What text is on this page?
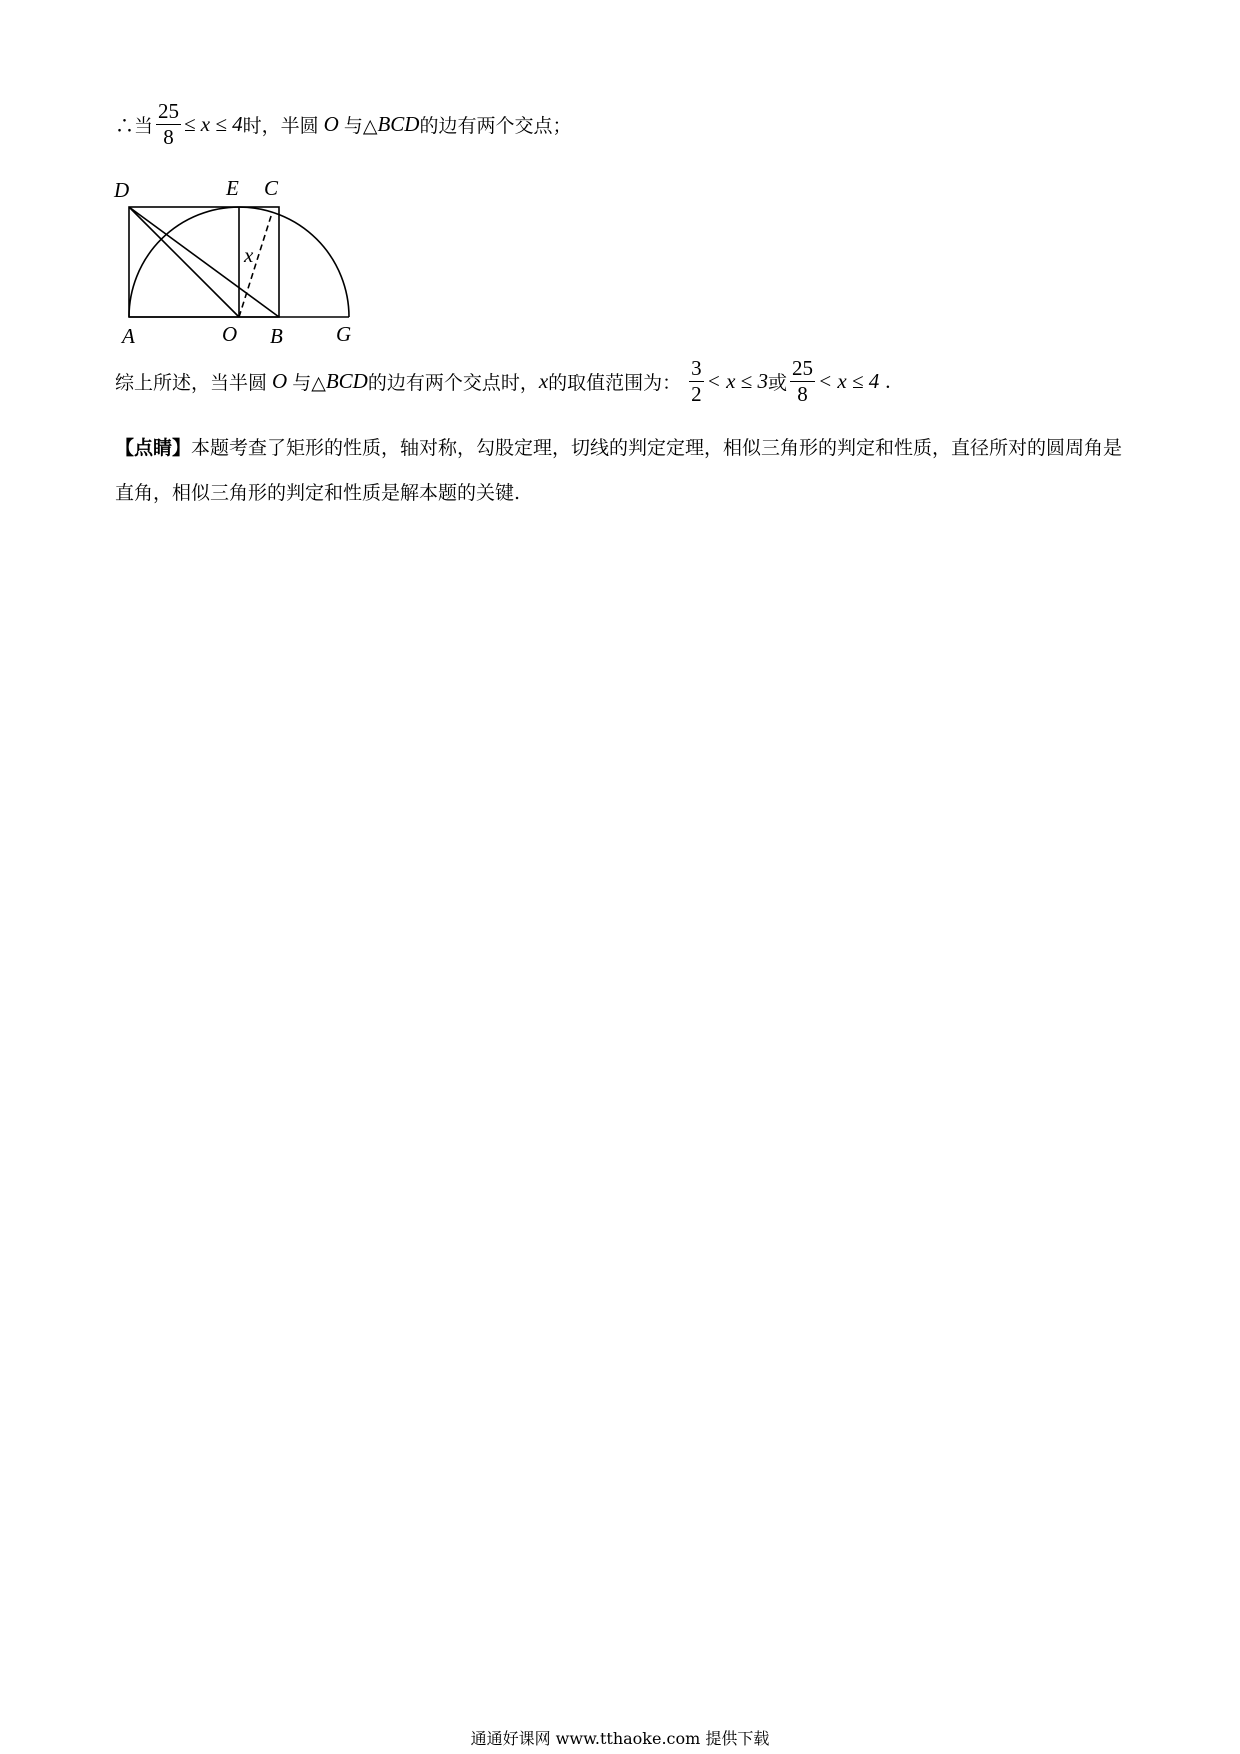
∴当 $\frac{25}{8} \le x \le 4$ 时，半圆 O 与△ BCD 的边有两个交点；
D	E C
x
A	O B	G
综上所述，当半圆 O 与△ BCD 的边有两个交点时， x 的取值范围为： $\frac{3}{2} < x \le 3$ 或 $\frac{25}{8} < x \le 4$ .
【点睛】本题考查了矩形的性质，轴对称，勾股定理，切线的判定定理，相似三角形的判定和性质，直径所对的圆周角是直角，相似三角形的判定和性质是解本题的关键.
通通好课网 www.tthaoke.com 提供下载
